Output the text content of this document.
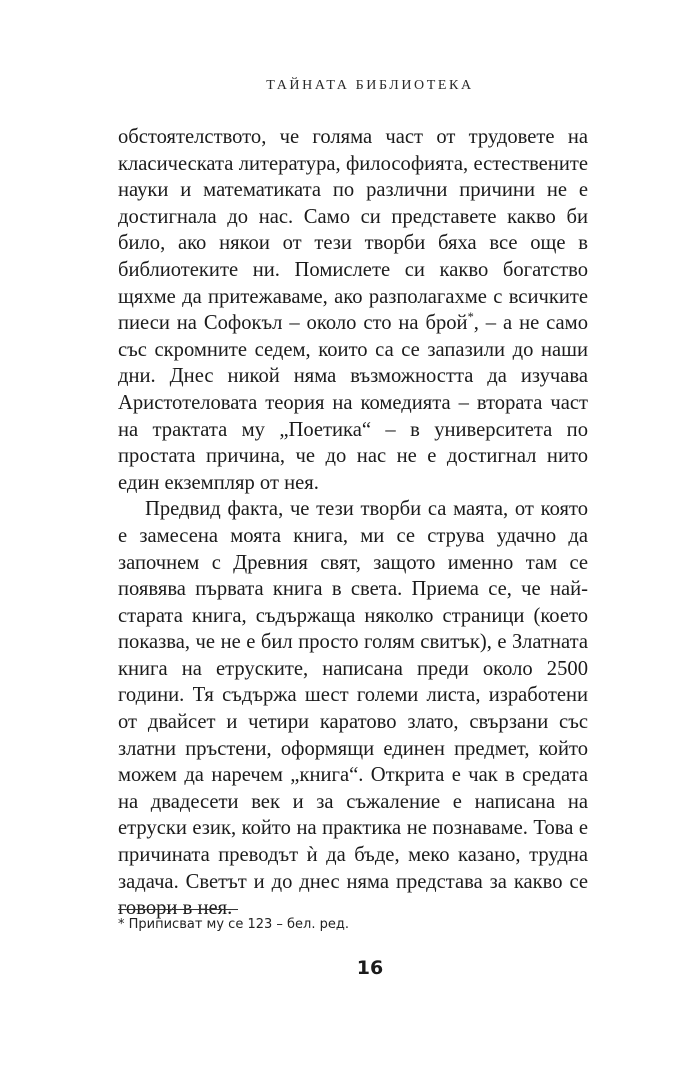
ТАЙНАТА БИБЛИОТЕКА

обстоятелството, че голяма част от трудовете на класическата литература, философията, естествените науки и математиката по различни причини не е достигнала до нас. Само си представете какво би било, ако някои от тези творби бяха все още в библиотеките ни. Помислете си какво богатство щяхме да притежаваме, ако разполагахме с всичките пиеси на Софокъл – около сто на брой*, – а не само със скромните седем, които са се запазили до наши дни. Днес никой няма възможността да изучава Аристотеловата теория на комедията – втората част на трактата му „Поетика“ – в университета по простата причина, че до нас не е достигнал нито един екземпляр от нея.

Предвид факта, че тези творби са маята, от която е замесена моята книга, ми се струва удачно да започнем с Древния свят, защото именно там се появява първата книга в света. Приема се, че най-старата книга, съдържаща няколко страници (което показва, че не е бил просто голям свитък), е Златната книга на етруските, написана преди около 2500 години. Тя съдържа шест големи листа, изработени от двайсет и четири каратово злато, свързани със златни пръстени, оформящи единен предмет, който можем да наречем „книга“. Открита е чак в средата на двадесети век и за съжаление е написана на етруски език, който на практика не познаваме. Това е причината преводът ѝ да бъде, меко казано, трудна задача. Светът и до днес няма представа за какво се говори в нея.

* Приписват му се 123 – бел. ред.
16
